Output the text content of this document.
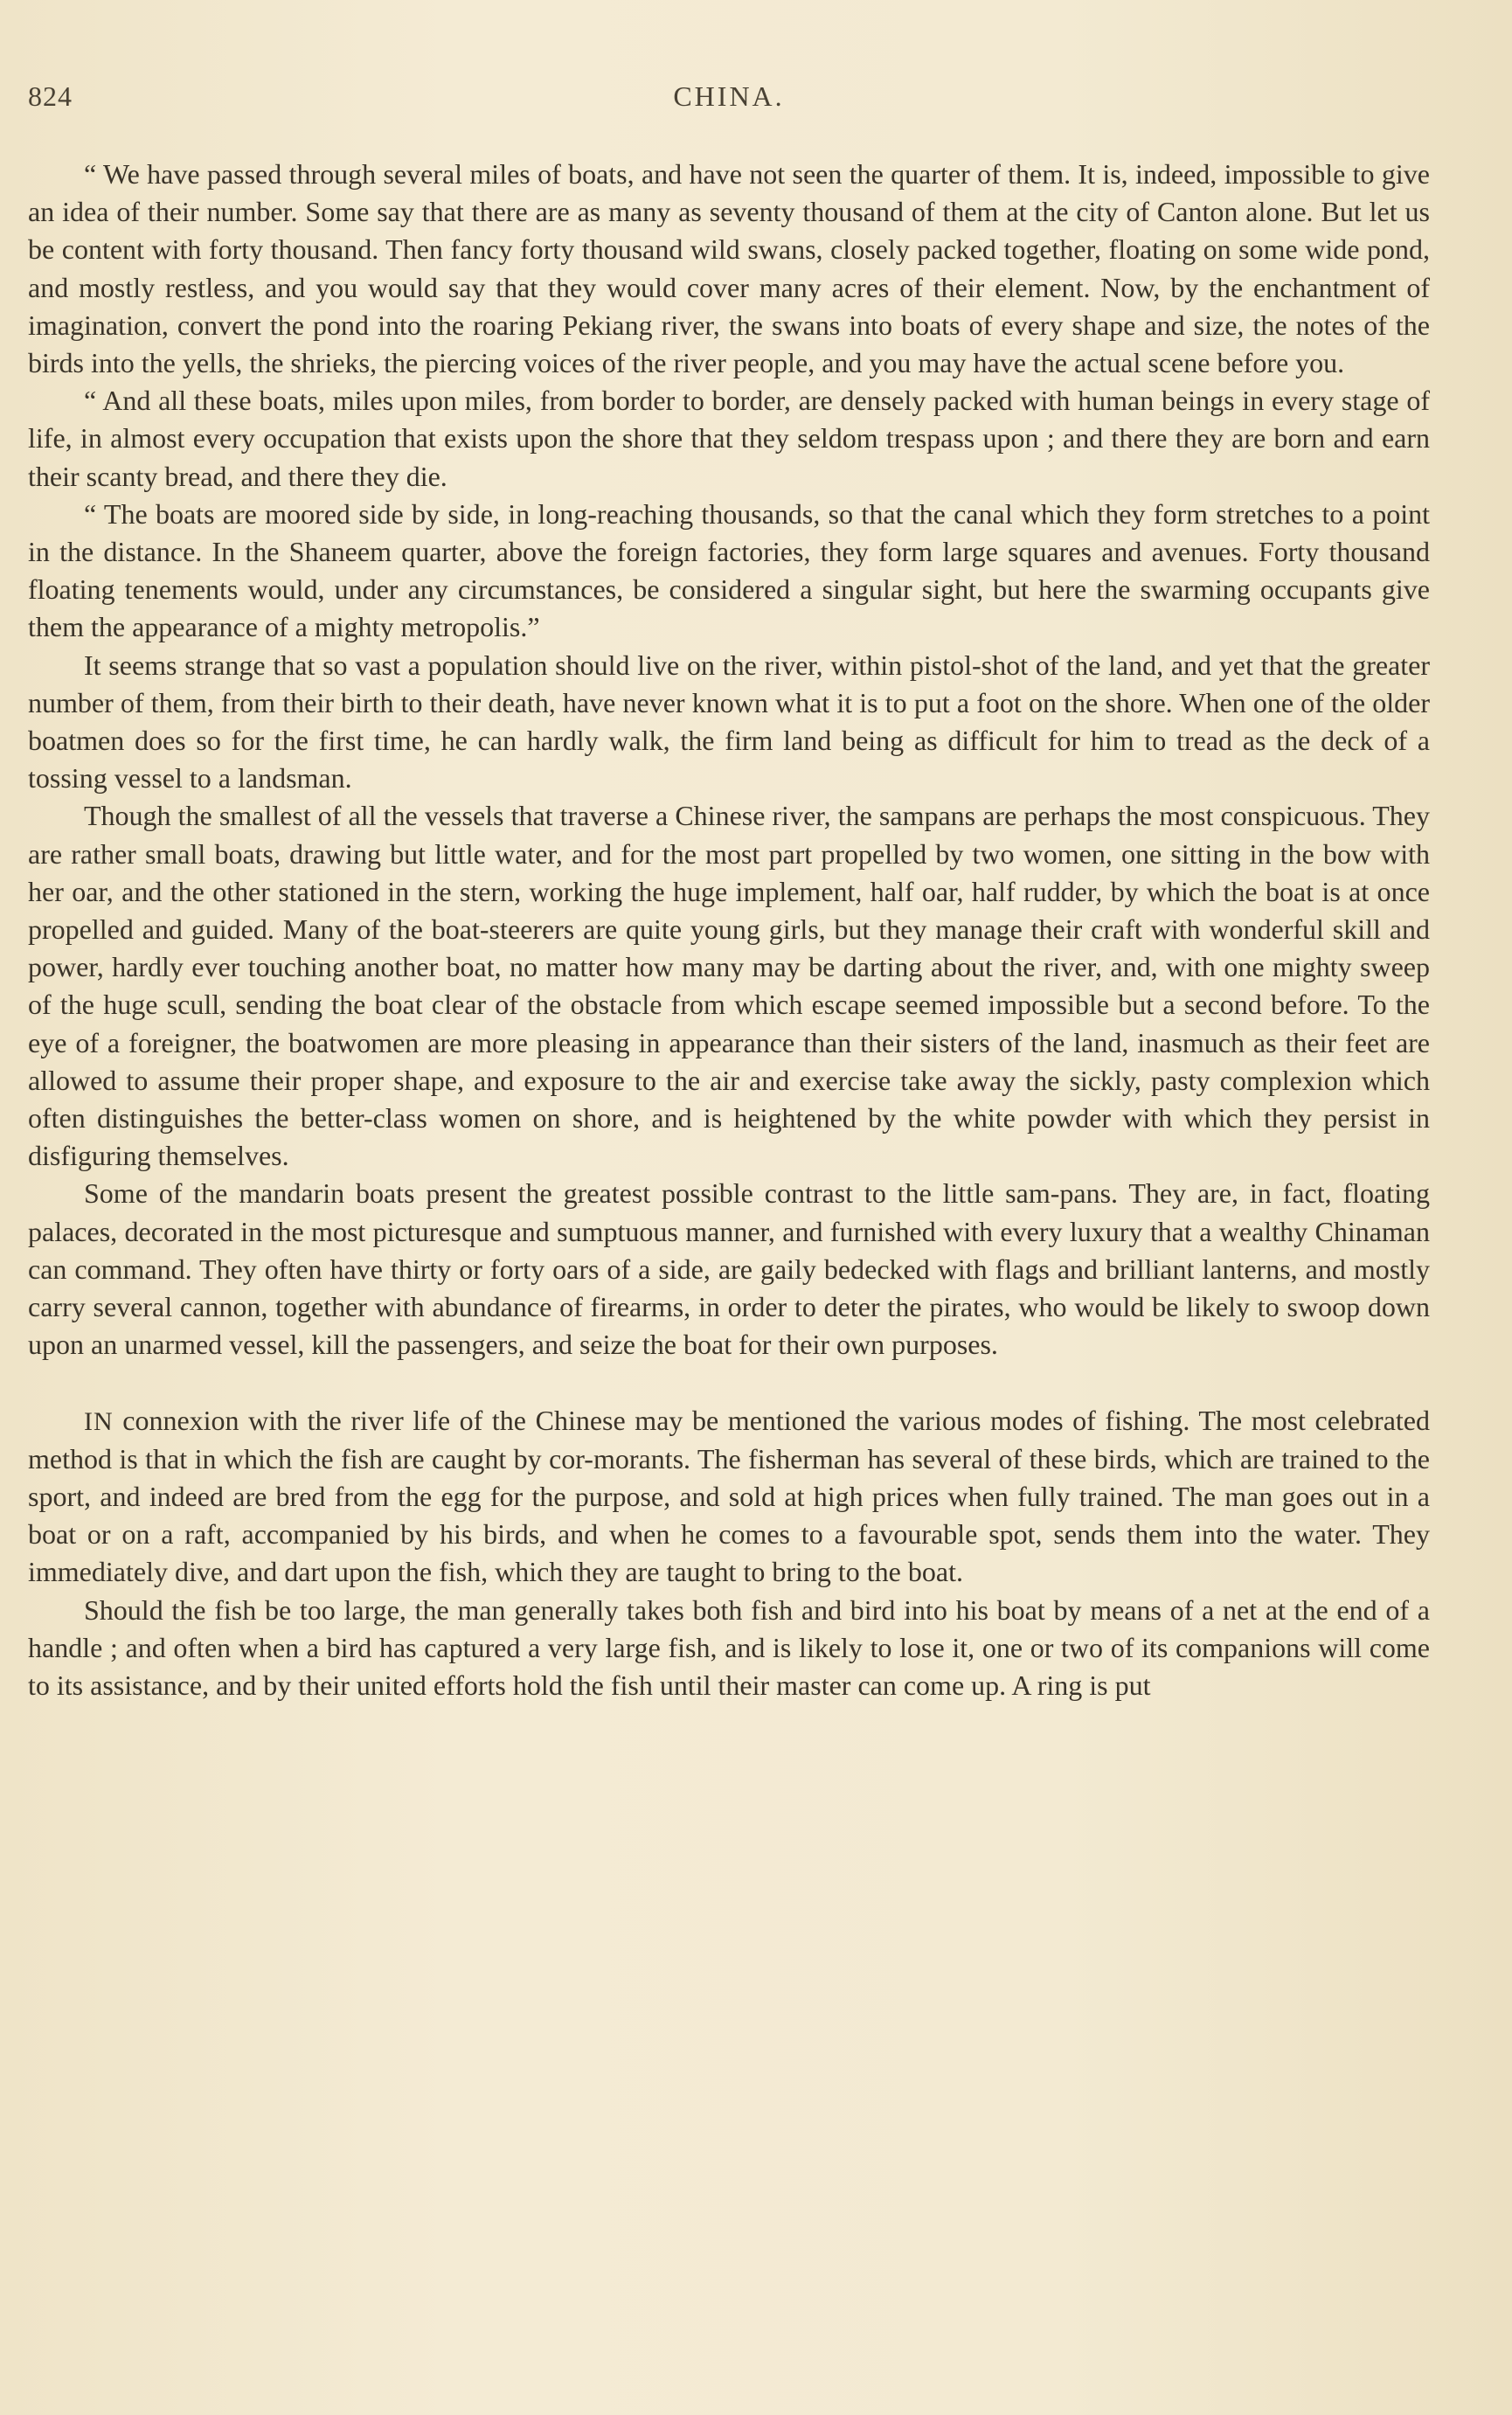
824	CHINA.

“ We have passed through several miles of boats, and have not seen the quarter of them. It is, indeed, impossible to give an idea of their number. Some say that there are as many as seventy thousand of them at the city of Canton alone. But let us be content with forty thousand. Then fancy forty thousand wild swans, closely packed together, floating on some wide pond, and mostly restless, and you would say that they would cover many acres of their element. Now, by the enchantment of imagination, convert the pond into the roaring Pekiang river, the swans into boats of every shape and size, the notes of the birds into the yells, the shrieks, the piercing voices of the river people, and you may have the actual scene before you.

“ And all these boats, miles upon miles, from border to border, are densely packed with human beings in every stage of life, in almost every occupation that exists upon the shore that they seldom trespass upon ; and there they are born and earn their scanty bread, and there they die.

“ The boats are moored side by side, in long-reaching thousands, so that the canal which they form stretches to a point in the distance. In the Shaneem quarter, above the foreign factories, they form large squares and avenues. Forty thousand floating tenements would, under any circumstances, be considered a singular sight, but here the swarming occupants give them the appearance of a mighty metropolis.”

It seems strange that so vast a population should live on the river, within pistol-shot of the land, and yet that the greater number of them, from their birth to their death, have never known what it is to put a foot on the shore. When one of the older boatmen does so for the first time, he can hardly walk, the firm land being as difficult for him to tread as the deck of a tossing vessel to a landsman.

Though the smallest of all the vessels that traverse a Chinese river, the sampans are perhaps the most conspicuous. They are rather small boats, drawing but little water, and for the most part propelled by two women, one sitting in the bow with her oar, and the other stationed in the stern, working the huge implement, half oar, half rudder, by which the boat is at once propelled and guided. Many of the boat-steerers are quite young girls, but they manage their craft with wonderful skill and power, hardly ever touching another boat, no matter how many may be darting about the river, and, with one mighty sweep of the huge scull, sending the boat clear of the obstacle from which escape seemed impossible but a second before. To the eye of a foreigner, the boatwomen are more pleasing in appearance than their sisters of the land, inasmuch as their feet are allowed to assume their proper shape, and exposure to the air and exercise take away the sickly, pasty complexion which often distinguishes the better-class women on shore, and is heightened by the white powder with which they persist in disfiguring themselves.

Some of the mandarin boats present the greatest possible contrast to the little sam-pans. They are, in fact, floating palaces, decorated in the most picturesque and sumptuous manner, and furnished with every luxury that a wealthy Chinaman can command. They often have thirty or forty oars of a side, are gaily bedecked with flags and brilliant lanterns, and mostly carry several cannon, together with abundance of firearms, in order to deter the pirates, who would be likely to swoop down upon an unarmed vessel, kill the passengers, and seize the boat for their own purposes.

IN connexion with the river life of the Chinese may be mentioned the various modes of fishing. The most celebrated method is that in which the fish are caught by cor-morants. The fisherman has several of these birds, which are trained to the sport, and indeed are bred from the egg for the purpose, and sold at high prices when fully trained. The man goes out in a boat or on a raft, accompanied by his birds, and when he comes to a favourable spot, sends them into the water. They immediately dive, and dart upon the fish, which they are taught to bring to the boat.

Should the fish be too large, the man generally takes both fish and bird into his boat by means of a net at the end of a handle ; and often when a bird has captured a very large fish, and is likely to lose it, one or two of its companions will come to its assistance, and by their united efforts hold the fish until their master can come up. A ring is put
